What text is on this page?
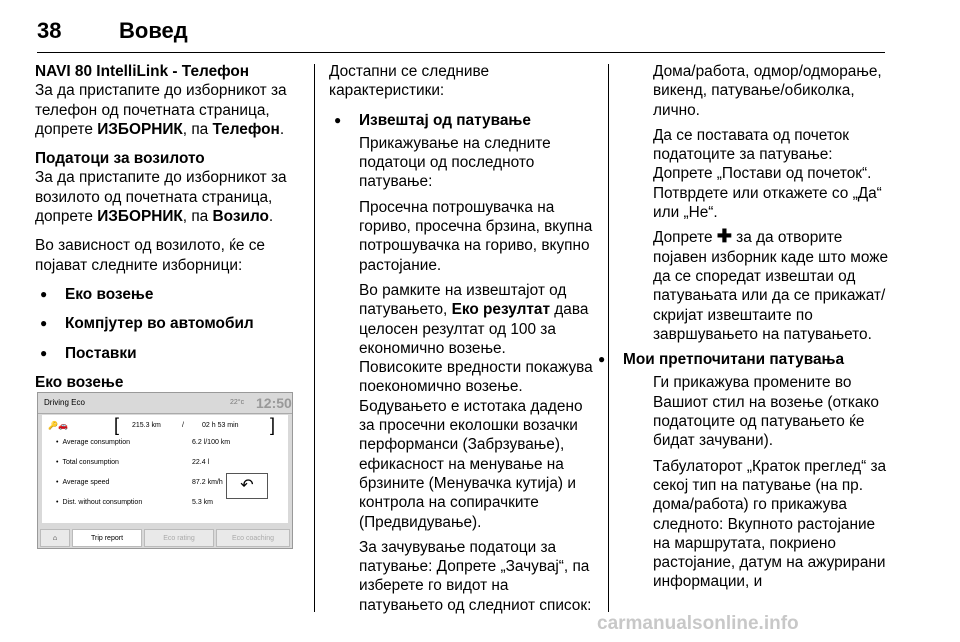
38	Вовед

NAVI 80 IntelliLink - Телефон

За да пристапите до изборникот за телефон од почетната страница, допрете ИЗБОРНИК, па Телефон.

Податоци за возилото

За да пристапите до изборникот за возилото од почетната страница, допрете ИЗБОРНИК, па Возило.

Во зависност од возилото, ќе се појават следните изборници:

● Еко возење
● Компјутер во автомобил
● Поставки

Еко возење

Driving Eco	22°c 12:50
🔑🚗	[ 215.3 km	/	02 h 53 min ]
• Average consumption	6.2 l/100 km
• Total consumption	22.4 l
• Average speed	87.2 km/h
• Dist. without consumption	5.3 km
↶
⌂	Trip report	Eco rating	Eco coaching

Достапни се следниве карактеристики:

● Извештај од патување

Прикажување на следните податоци од последното патување:

Просечна потрошувачка на гориво, просечна брзина, вкупна потрошувачка на гориво, вкупно растојание.

Во рамките на извештајот од патувањето, Еко резултат дава целосен резултат од 100 за економично возење.

Повисоките вредности покажува поекономично возење. Бодувањето е истотака дадено за просечни еколошки возачки перформанси (Забрзување), ефикасност на менување на брзините (Менувачка кутија) и контрола на сопирачките (Предвидување).

За зачувување податоци за патување: Допрете „Зачувај“, па изберете го видот на патувањето од следниот список:

Дома/работа, одмор/одморање, викенд, патување/обиколка, лично.

Да се поставата од почеток податоците за патување: Допрете „Постави од почеток“. Потврдете или откажете со „Да“ или „Не“.

Допрете ✚ за да отворите појавен изборник каде што може да се споредат извештаи од патувањата или да се прикажат/скријат извештаите по завршувањето на патувањето.

● Мои претпочитани патувања

Ги прикажува промените во Вашиот стил на возење (откако податоците од патувањето ќе бидат зачувани).

Табулаторот „Краток преглед“ за секој тип на патување (на пр. дома/работа) го прикажува следното: Вкупното растојание на маршрутата, покриено растојание, датум на ажурирани информации, и

carmanualsonline.info
